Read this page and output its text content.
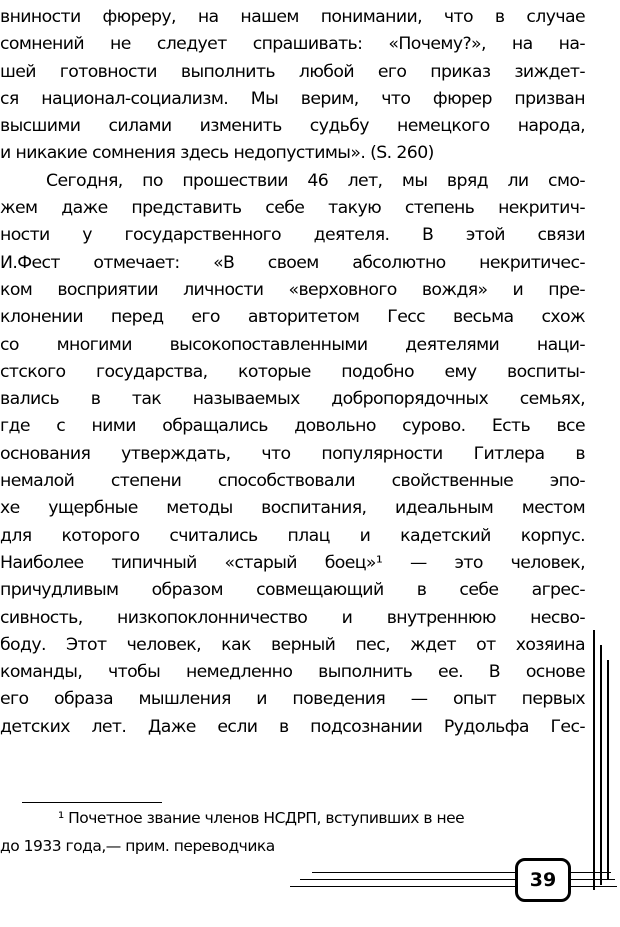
вниности фюреру, на нашем понимании, что в случае
сомнений не следует спрашивать: «Почему?», на на-
шей готовности выполнить любой его приказ зиждет-
ся национал-социализм. Мы верим, что фюрер призван
высшими силами изменить судьбу немецкого народа,
и никакие сомнения здесь недопустимы». (S. 260)
Сегодня, по прошествии 46 лет, мы вряд ли смо-
жем даже представить себе такую степень некритич-
ности у государственного деятеля. В этой связи
И.Фест отмечает: «В своем абсолютно некритичес-
ком восприятии личности «верховного вождя» и пре-
клонении перед его авторитетом Гесс весьма схож
со многими высокопоставленными деятелями наци-
стского государства, которые подобно ему воспиты-
вались в так называемых добропорядочных семьях,
где с ними обращались довольно сурово. Есть все
основания утверждать, что популярности Гитлера в
немалой степени способствовали свойственные эпо-
хе ущербные методы воспитания, идеальным местом
для которого считались плац и кадетский корпус.
Наиболее типичный «старый боец»¹ — это человек,
причудливым образом совмещающий в себе агрес-
сивность, низкопоклонничество и внутреннюю несво-
боду. Этот человек, как верный пес, ждет от хозяина
команды, чтобы немедленно выполнить ее. В основе
его образа мышления и поведения — опыт первых
детских лет. Даже если в подсознании Рудольфа Гес-
¹ Почетное звание членов НСДРП, вступивших в нее
до 1933 года,— прим. переводчика
39
